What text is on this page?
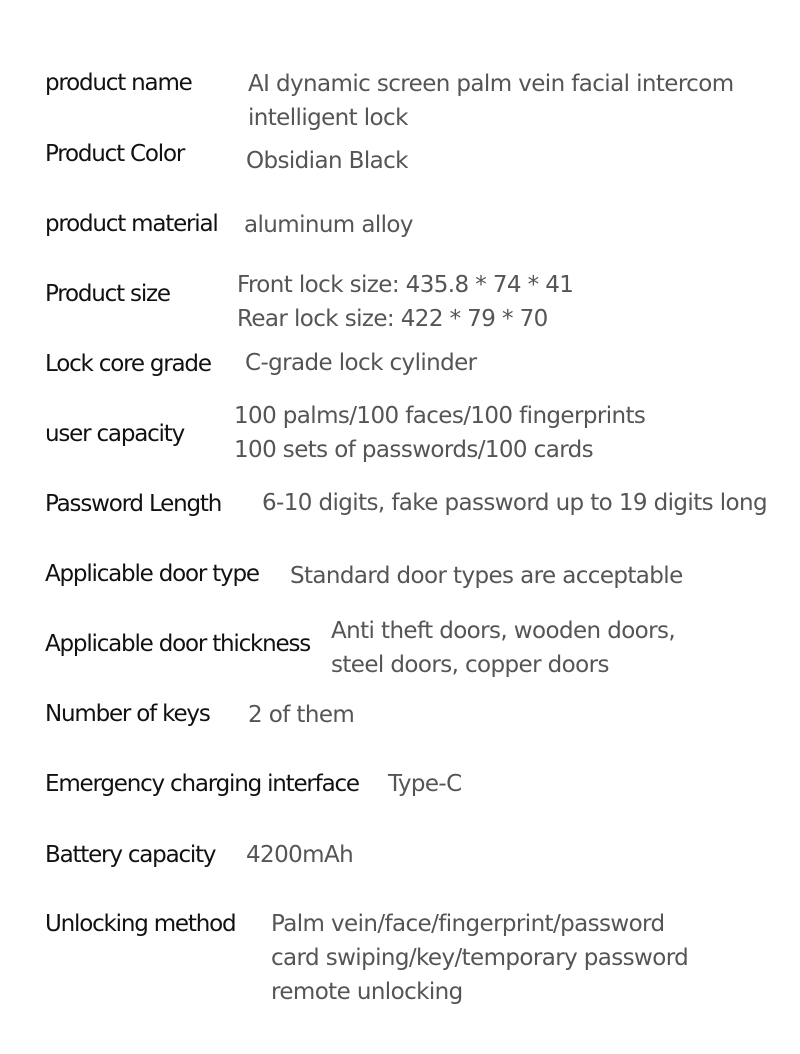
product name AI dynamic screen palm vein facial intercom
intelligent lock
Product Color	Obsidian Black
product material aluminum alloy
Product size	Front lock size: 435.8 * 74 * 41
Rear lock size: 422 * 79 * 70
Lock core grade C-grade lock cylinder
user capacity
100 palms/100 faces/100 fingerprints
100 sets of passwords/100 cards
Password Length 6-10 digits, fake password up to 19 digits long
Applicable door type Standard door types are acceptable
Applicable door thickness Anti theft doors, wooden doors,
steel doors, copper doors
Number of keys 2 of them
Emergency charging interface Type-C
Battery capacity 4200mAh
Unlocking method Palm vein/face/fingerprint/password
card swiping/key/temporary password
remote unlocking
